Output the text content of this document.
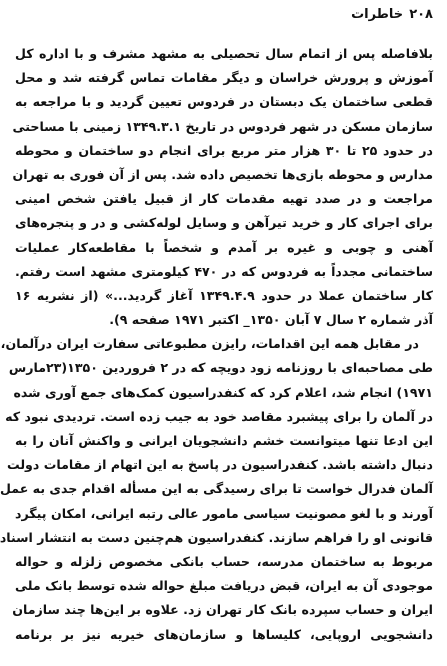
۲۰۸
خاطرات
بلافاصله پس از اتمام سال تحصیلی به مشهد مشرف و با اداره کل
آموزش و پرورش خراسان و دیگر مقامات تماس گرفته شد و محل
قطعی ساختمان یک دبستان در فردوس تعیین گردید و با مراجعه به
سازمان مسکن در شهر فردوس در تاریخ ۱۳۴۹.۳.۱ زمینی با مساحتی
در حدود ۲۵ تا ۳۰ هزار متر مربع برای انجام دو ساختمان و محوطه
مدارس و محوطه بازی‌ها تخصیص داده شد. پس از آن فوری به تهران
مراجعت و در صدد تهیه مقدمات کار از قبیل یافتن شخص امینی
برای اجرای کار و خرید تیرآهن و وسایل لوله‌کشی و در و پنجره‌های
آهنی و چوبی و غیره بر آمدم و شخصاً با مقاطعه‌کار عملیات
ساختمانی مجدداً به فردوس که در ۴۷۰ کیلومتری مشهد است رفتم.
کار ساختمان عملا در حدود ۱۳۴۹.۴.۹ آغاز گردید...» (از نشریه ۱۶
آذر شماره ۲ سال ۷ آبان ۱۳۵۰_ اکتبر ۱۹۷۱ صفحه ۹).
در مقابل همه این اقدامات، رایزن مطبوعاتی سفارت ایران درآلمان،
طی مصاحبه‌ای با روزنامه زود دویچه که در ۲ فروردین ۱۳۵۰(۲۳مارس
۱۹۷۱) انجام شد، اعلام کرد که کنفدراسیون کمک‌های جمع آوری شده
در آلمان را برای پیشبرد مقاصد خود به جیب زده است. تردیدی نبود که
این ادعا تنها میتوانست خشم دانشجویان ایرانی و واکنش آنان را به
دنبال داشته باشد. کنفدراسیون در پاسخ به این اتهام از مقامات دولت
آلمان فدرال خواست تا برای رسیدگی به این مسأله اقدام جدی به عمل
آورند و با لغو مصونیت سیاسی مامور عالی رتبه ایرانی، امکان پیگرد
قانونی او را فراهم سازند. کنفدراسیون هم‌چنین دست به انتشار اسناد
مربوط به ساختمان مدرسه، حساب بانکی مخصوص زلزله و حواله
موجودی آن به ایران، قبض دریافت مبلغ حواله شده توسط بانک ملی
ایران و حساب سپرده بانک کار تهران زد. علاوه بر این‌ها چند سازمان
دانشجویی اروپایی، کلیساها و سازمان‌های خیریه نیز بر برنامه
